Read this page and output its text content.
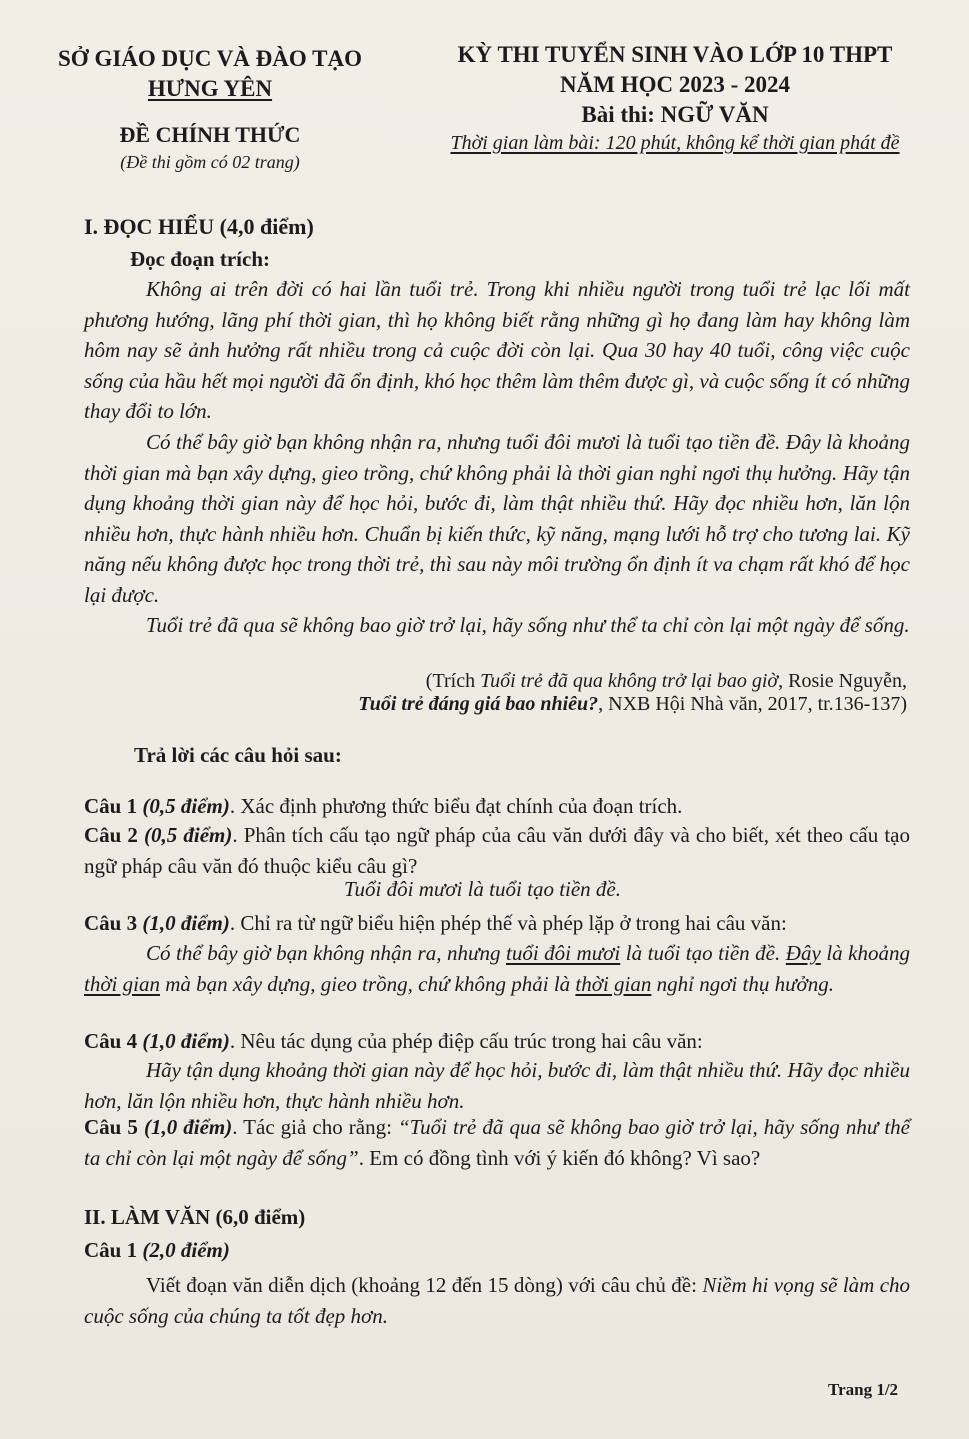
SỞ GIÁO DỤC VÀ ĐÀO TẠO
HƯNG YÊN
ĐỀ CHÍNH THỨC
(Đề thi gồm có 02 trang)
KỲ THI TUYỂN SINH VÀO LỚP 10 THPT
NĂM HỌC 2023 - 2024
Bài thi: NGỮ VĂN
Thời gian làm bài: 120 phút, không kể thời gian phát đề
I. ĐỌC HIỂU (4,0 điểm)
Đọc đoạn trích:
Không ai trên đời có hai lần tuổi trẻ. Trong khi nhiều người trong tuổi trẻ lạc lối mất phương hướng, lãng phí thời gian, thì họ không biết rằng những gì họ đang làm hay không làm hôm nay sẽ ảnh hưởng rất nhiều trong cả cuộc đời còn lại. Qua 30 hay 40 tuổi, công việc cuộc sống của hầu hết mọi người đã ổn định, khó học thêm làm thêm được gì, và cuộc sống ít có những thay đổi to lớn.
Có thể bây giờ bạn không nhận ra, nhưng tuổi đôi mươi là tuổi tạo tiền đề. Đây là khoảng thời gian mà bạn xây dựng, gieo trồng, chứ không phải là thời gian nghỉ ngơi thụ hưởng. Hãy tận dụng khoảng thời gian này để học hỏi, bước đi, làm thật nhiều thứ. Hãy đọc nhiều hơn, lăn lộn nhiều hơn, thực hành nhiều hơn. Chuẩn bị kiến thức, kỹ năng, mạng lưới hỗ trợ cho tương lai. Kỹ năng nếu không được học trong thời trẻ, thì sau này môi trường ổn định ít va chạm rất khó để học lại được.
Tuổi trẻ đã qua sẽ không bao giờ trở lại, hãy sống như thể ta chỉ còn lại một ngày để sống.
(Trích Tuổi trẻ đã qua không trở lại bao giờ, Rosie Nguyễn,
Tuổi trẻ đáng giá bao nhiêu?, NXB Hội Nhà văn, 2017, tr.136-137)
Trả lời các câu hỏi sau:
Câu 1 (0,5 điểm). Xác định phương thức biểu đạt chính của đoạn trích.
Câu 2 (0,5 điểm). Phân tích cấu tạo ngữ pháp của câu văn dưới đây và cho biết, xét theo cấu tạo ngữ pháp câu văn đó thuộc kiểu câu gì?
Tuổi đôi mươi là tuổi tạo tiền đề.
Câu 3 (1,0 điểm). Chỉ ra từ ngữ biểu hiện phép thế và phép lặp ở trong hai câu văn:
Có thể bây giờ bạn không nhận ra, nhưng tuổi đôi mươi là tuổi tạo tiền đề. Đây là khoảng thời gian mà bạn xây dựng, gieo trồng, chứ không phải là thời gian nghỉ ngơi thụ hưởng.
Câu 4 (1,0 điểm). Nêu tác dụng của phép điệp cấu trúc trong hai câu văn:
Hãy tận dụng khoảng thời gian này để học hỏi, bước đi, làm thật nhiều thứ. Hãy đọc nhiều hơn, lăn lộn nhiều hơn, thực hành nhiều hơn.
Câu 5 (1,0 điểm). Tác giả cho rằng: “Tuổi trẻ đã qua sẽ không bao giờ trở lại, hãy sống như thể ta chỉ còn lại một ngày để sống”. Em có đồng tình với ý kiến đó không? Vì sao?
II. LÀM VĂN (6,0 điểm)
Câu 1 (2,0 điểm)
Viết đoạn văn diễn dịch (khoảng 12 đến 15 dòng) với câu chủ đề: Niềm hi vọng sẽ làm cho cuộc sống của chúng ta tốt đẹp hơn.
Trang 1/2
